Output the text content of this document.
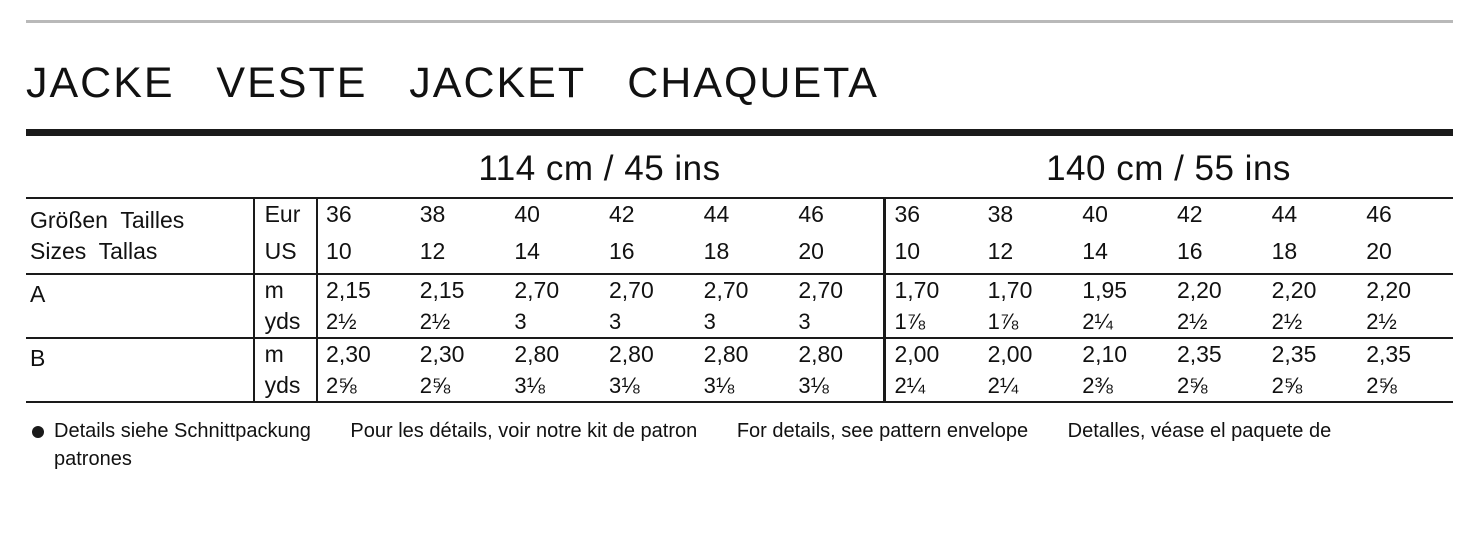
JACKE   VESTE   JACKET   CHAQUETA
114 cm / 45 ins	140 cm / 55 ins
Größen  Tailles
Sizes  Tallas	Eur	36	38	40	42	44	46	36	38	40	42	44	46
	US	10	12	14	16	18	20	10	12	14	16	18	20
A	m	2,15	2,15	2,70	2,70	2,70	2,70	1,70	1,70	1,95	2,20	2,20	2,20
	yds	2½	2½	3	3	3	3	1⅞	1⅞	2¼	2½	2½	2½
B	m	2,30	2,30	2,80	2,80	2,80	2,80	2,00	2,00	2,10	2,35	2,35	2,35
	yds	2⅝	2⅝	3⅛	3⅛	3⅛	3⅛	2¼	2¼	2⅜	2⅝	2⅝	2⅝
Details siehe Schnittpackung Pour les détails, voir notre kit de patron For details, see pattern envelope Detalles, véase el paquete de
patrones
